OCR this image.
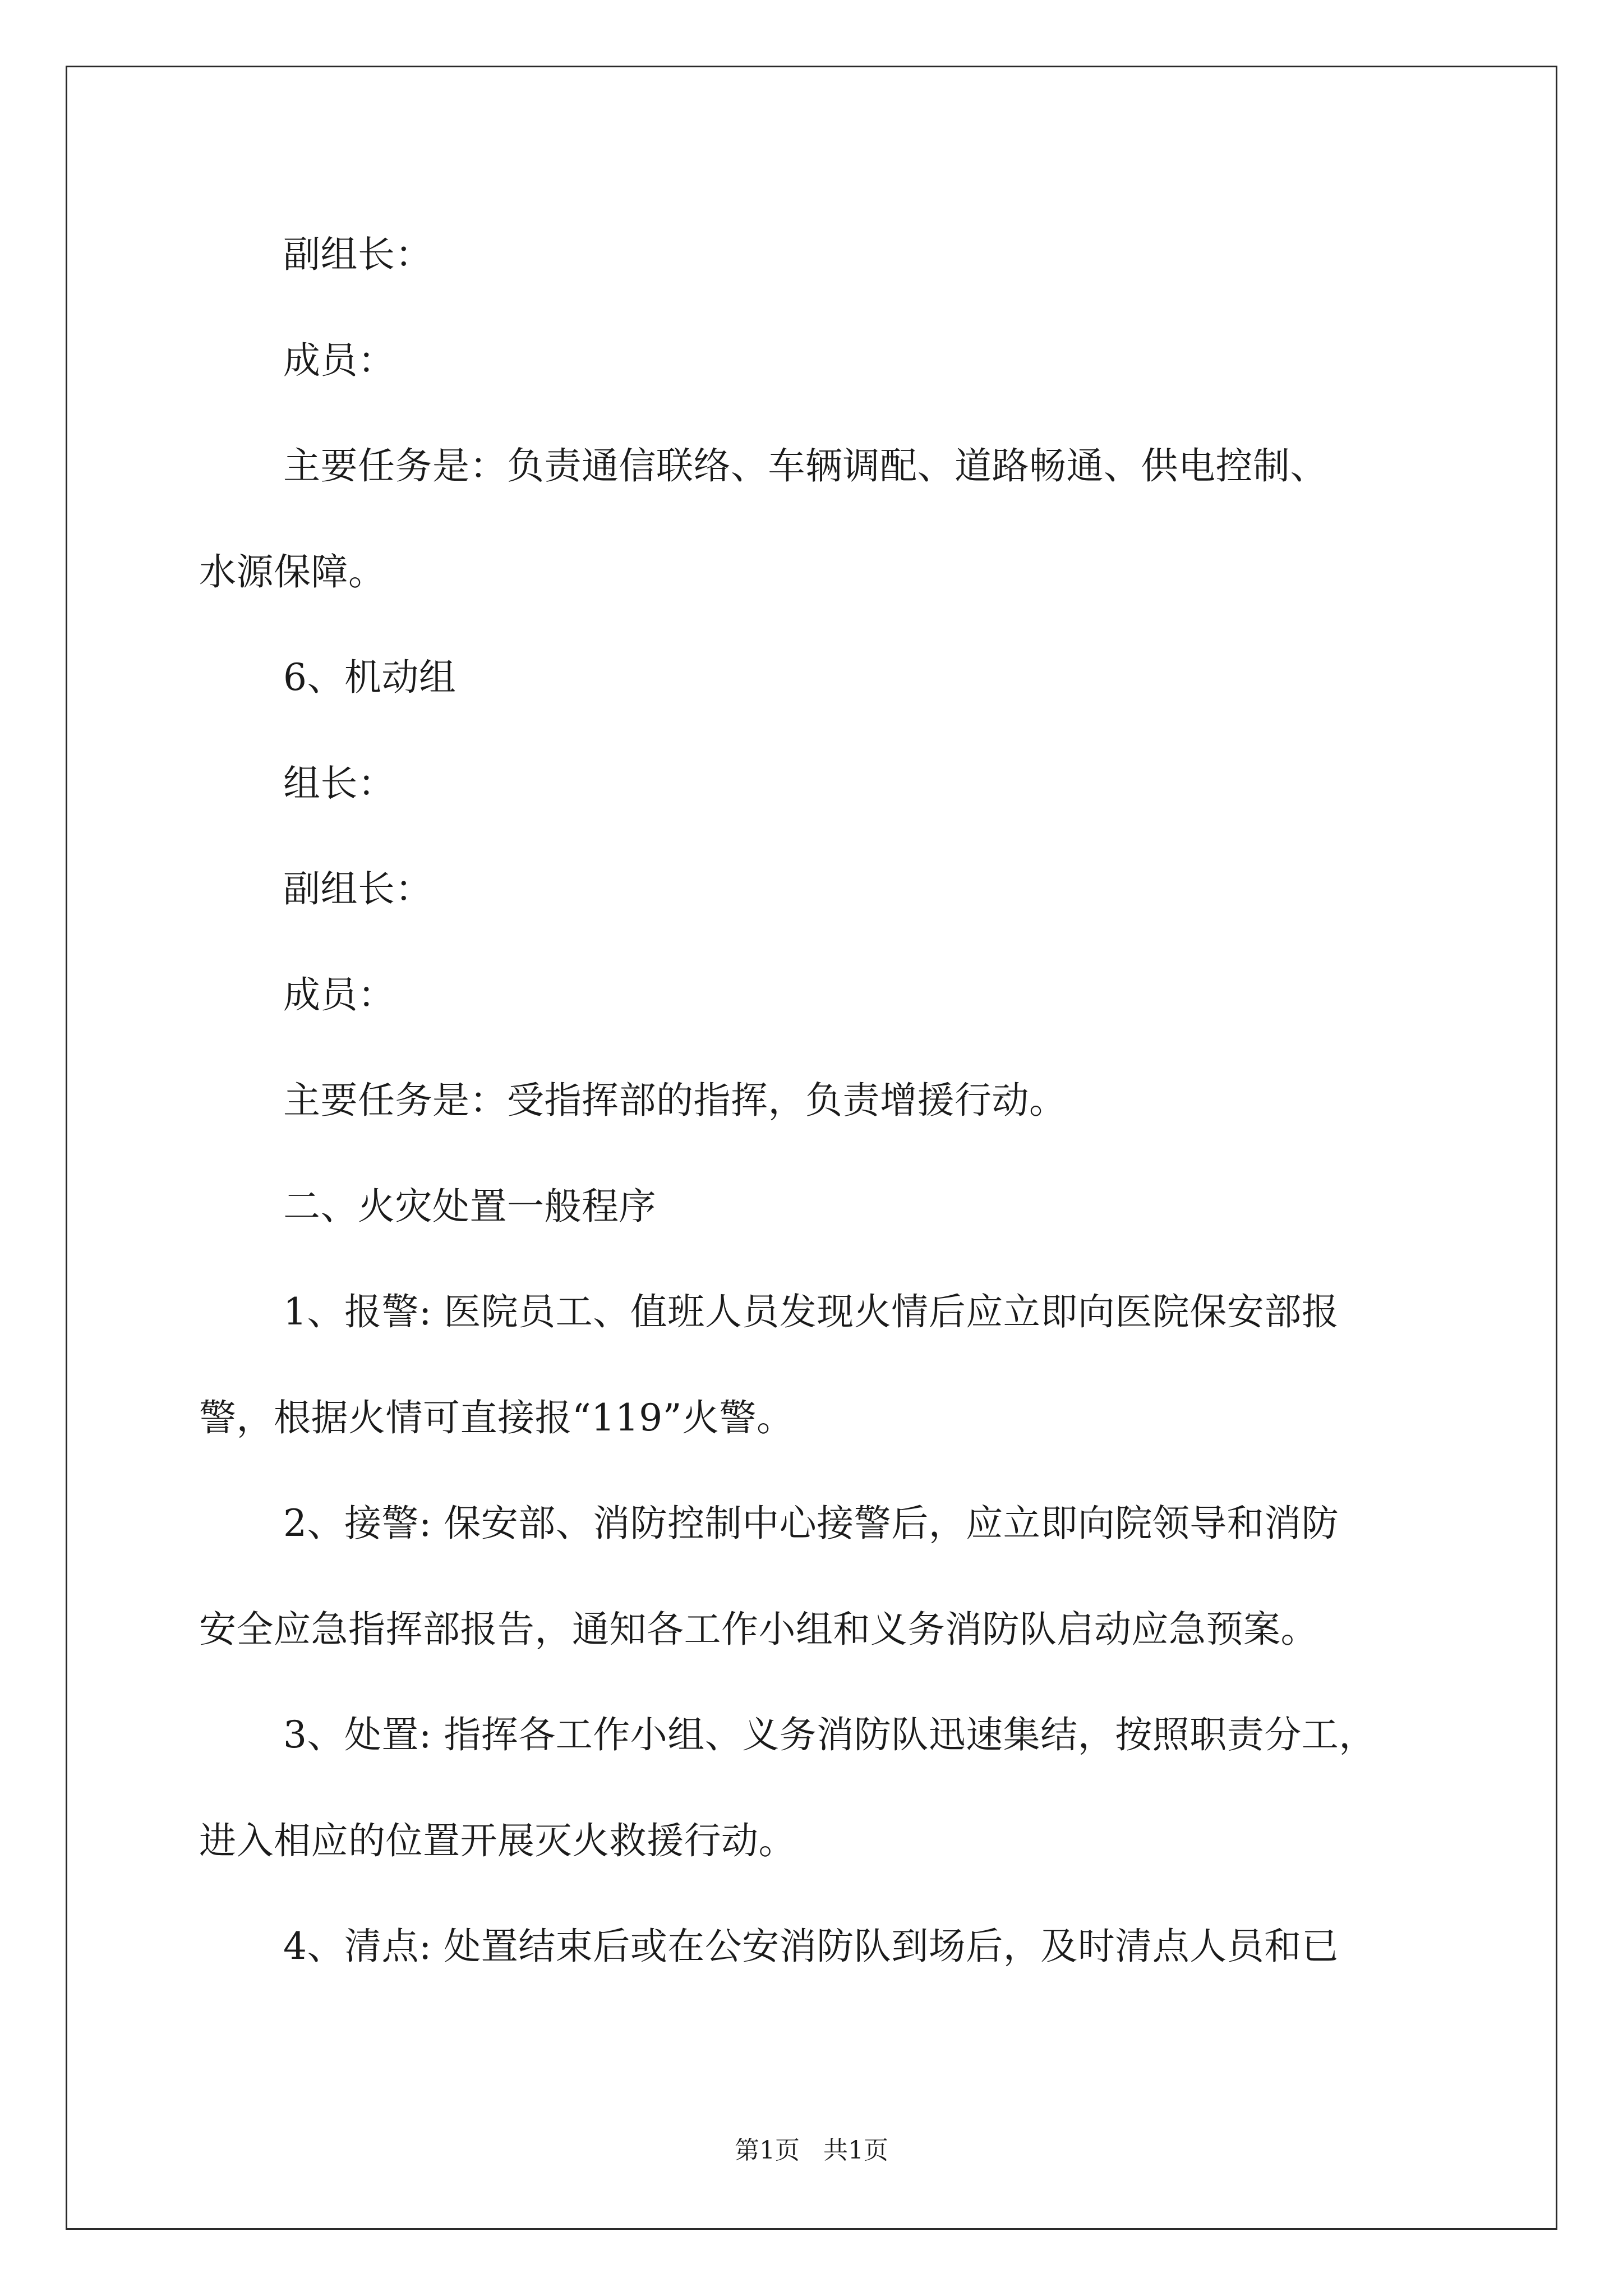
副组长：
成员：
主要任务是：负责通信联络、车辆调配、道路畅通、供电控制、
水源保障。
6、机动组
组长：
副组长：
成员：
主要任务是：受指挥部的指挥，负责增援行动。
二、火灾处置一般程序
1、报警: 医院员工、值班人员发现火情后应立即向医院保安部报
警，根据火情可直接报“119”火警。
2、接警: 保安部、消防控制中心接警后，应立即向院领导和消防
安全应急指挥部报告，通知各工作小组和义务消防队启动应急预案。
3、处置: 指挥各工作小组、义务消防队迅速集结，按照职责分工，
进入相应的位置开展灭火救援行动。
4、清点: 处置结束后或在公安消防队到场后，及时清点人员和已
第1页   共1页
